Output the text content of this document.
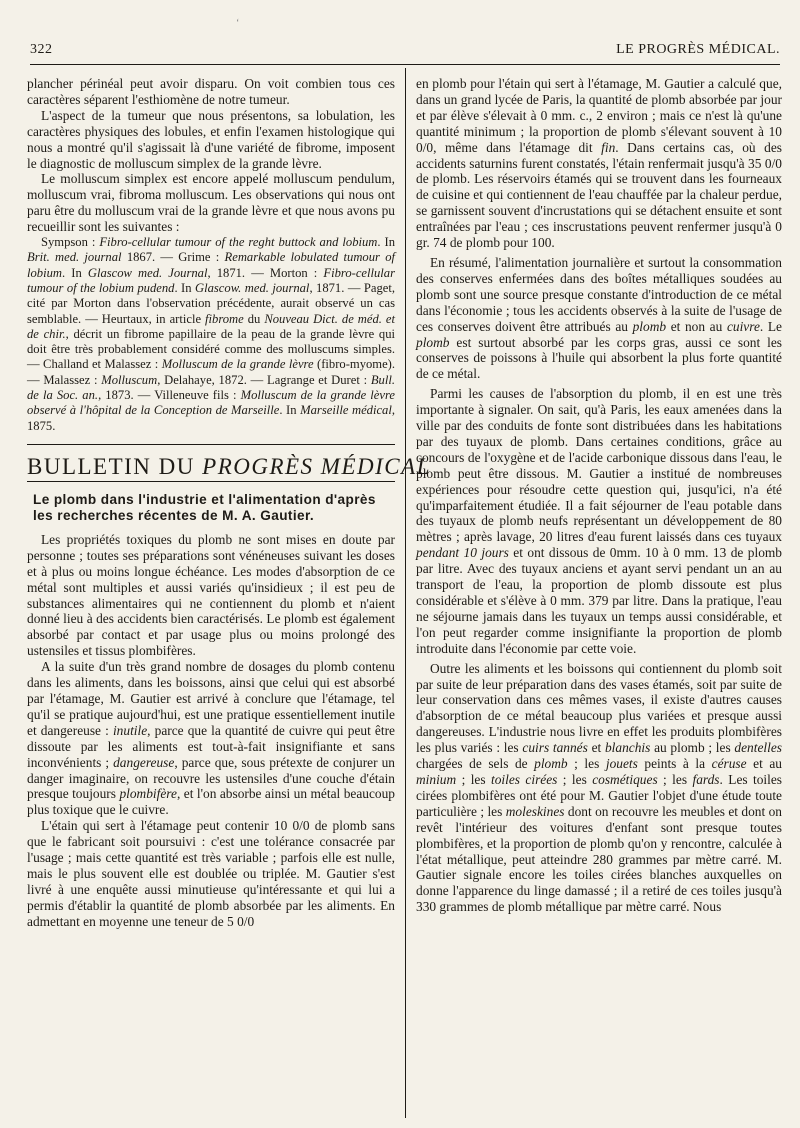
ʻ
322	LE PROGRÈS MÉDICAL.

plancher périnéal peut avoir disparu. On voit combien tous ces caractères séparent l'esthiomène de notre tumeur.

L'aspect de la tumeur que nous présentons, sa lobulation, les caractères physiques des lobules, et enfin l'examen histologique qui nous a montré qu'il s'agissait là d'une variété de fibrome, imposent le diagnostic de molluscum simplex de la grande lèvre.

Le molluscum simplex est encore appelé molluscum pendulum, molluscum vrai, fibroma molluscum. Les observations qui nous ont paru être du molluscum vrai de la grande lèvre et que nous avons pu recueillir sont les suivantes :

Sympson : Fibro-cellular tumour of the reght buttock and lobium. In Brit. med. journal 1867. — Grime : Remarkable lobulated tumour of lobium. In Glascow med. Journal, 1871. — Morton : Fibro-cellular tumour of the lobium pudend. In Glascow. med. journal, 1871. — Paget, cité par Morton dans l'observation précédente, aurait observé un cas semblable. — Heurtaux, in article fibrome du Nouveau Dict. de méd. et de chir., décrit un fibrome papillaire de la peau de la grande lèvre qui doit être très probablement considéré comme des molluscums simples. — Challand et Malassez : Molluscum de la grande lèvre (fibro-myome). — Malassez : Molluscum, Delahaye, 1872. — Lagrange et Duret : Bull. de la Soc. an., 1873. — Villeneuve fils : Molluscum de la grande lèvre observé à l'hôpital de la Conception de Marseille. In Marseille médical, 1875.

BULLETIN DU PROGRÈS MÉDICAL

Le plomb dans l'industrie et l'alimentation d'après les recherches récentes de M. A. Gautier.

Les propriétés toxiques du plomb ne sont mises en doute par personne ; toutes ses préparations sont vénéneuses suivant les doses et à plus ou moins longue échéance. Les modes d'absorption de ce métal sont multiples et aussi variés qu'insidieux ; il est peu de substances alimentaires qui ne contiennent du plomb et n'aient donné lieu à des accidents bien caractérisés. Le plomb est également absorbé par contact et par usage plus ou moins prolongé des ustensiles et tissus plombifères.

A la suite d'un très grand nombre de dosages du plomb contenu dans les aliments, dans les boissons, ainsi que celui qui est absorbé par l'étamage, M. Gautier est arrivé à conclure que l'étamage, tel qu'il se pratique aujourd'hui, est une pratique essentiellement inutile et dangereuse : inutile, parce que la quantité de cuivre qui peut être dissoute par les aliments est tout-à-fait insignifiante et sans inconvénients ; dangereuse, parce que, sous prétexte de conjurer un danger imaginaire, on recouvre les ustensiles d'une couche d'étain presque toujours plombifère, et l'on absorbe ainsi un métal beaucoup plus toxique que le cuivre.

L'étain qui sert à l'étamage peut contenir 10 0/0 de plomb sans que le fabricant soit poursuivi : c'est une tolérance consacrée par l'usage ; mais cette quantité est très variable ; parfois elle est nulle, mais le plus souvent elle est doublée ou triplée. M. Gautier s'est livré à une enquête aussi minutieuse qu'intéressante et qui lui a permis d'établir la quantité de plomb absorbée par les aliments. En admettant en moyenne une teneur de 5 0/0

en plomb pour l'étain qui sert à l'étamage, M. Gautier a calculé que, dans un grand lycée de Paris, la quantité de plomb absorbée par jour et par élève s'élevait à 0 mm. c., 2 environ ; mais ce n'est là qu'une quantité minimum ; la proportion de plomb s'élevant souvent à 10 0/0, même dans l'étamage dit fin. Dans certains cas, où des accidents saturnins furent constatés, l'étain renfermait jusqu'à 35 0/0 de plomb. Les réservoirs étamés qui se trouvent dans les fourneaux de cuisine et qui contiennent de l'eau chauffée par la chaleur perdue, se garnissent souvent d'incrustations qui se détachent ensuite et sont entraînées par l'eau ; ces inscrustations peuvent renfermer jusqu'à 0 gr. 74 de plomb pour 100.

En résumé, l'alimentation journalière et surtout la consommation des conserves enfermées dans des boîtes métalliques soudées au plomb sont une source presque constante d'introduction de ce métal dans l'économie ; tous les accidents observés à la suite de l'usage de ces conserves doivent être attribués au plomb et non au cuivre. Le plomb est surtout absorbé par les corps gras, aussi ce sont les conserves de poissons à l'huile qui absorbent la plus forte quantité de ce métal.

Parmi les causes de l'absorption du plomb, il en est une très importante à signaler. On sait, qu'à Paris, les eaux amenées dans la ville par des conduits de fonte sont distribuées dans les habitations par des tuyaux de plomb. Dans certaines conditions, grâce au concours de l'oxygène et de l'acide carbonique dissous dans l'eau, le plomb peut être dissous. M. Gautier a institué de nombreuses expériences pour résoudre cette question qui, jusqu'ici, n'a été qu'imparfaitement étudiée. Il a fait séjourner de l'eau potable dans des tuyaux de plomb neufs représentant un développement de 80 mètres ; après lavage, 20 litres d'eau furent laissés dans ces tuyaux pendant 10 jours et ont dissous de 0mm. 10 à 0 mm. 13 de plomb par litre. Avec des tuyaux anciens et ayant servi pendant un an au transport de l'eau, la proportion de plomb dissoute est plus considérable et s'élève à 0 mm. 379 par litre. Dans la pratique, l'eau ne séjourne jamais dans les tuyaux un temps aussi considérable, et l'on peut regarder comme insignifiante la proportion de plomb introduite dans l'économie par cette voie.

Outre les aliments et les boissons qui contiennent du plomb soit par suite de leur préparation dans des vases étamés, soit par suite de leur conservation dans ces mêmes vases, il existe d'autres causes d'absorption de ce métal beaucoup plus variées et presque aussi dangereuses. L'industrie nous livre en effet les produits plombifères les plus variés : les cuirs tannés et blanchis au plomb ; les dentelles chargées de sels de plomb ; les jouets peints à la céruse et au minium ; les toiles cirées ; les cosmétiques ; les fards. Les toiles cirées plombifères ont été pour M. Gautier l'objet d'une étude toute particulière ; les moleskines dont on recouvre les meubles et dont on revêt l'intérieur des voitures d'enfant sont presque toutes plombifères, et la proportion de plomb qu'on y rencontre, calculée à l'état métallique, peut atteindre 280 grammes par mètre carré. M. Gautier signale encore les toiles cirées blanches auxquelles on donne l'apparence du linge damassé ; il a retiré de ces toiles jusqu'à 330 grammes de plomb métallique par mètre carré. Nous
